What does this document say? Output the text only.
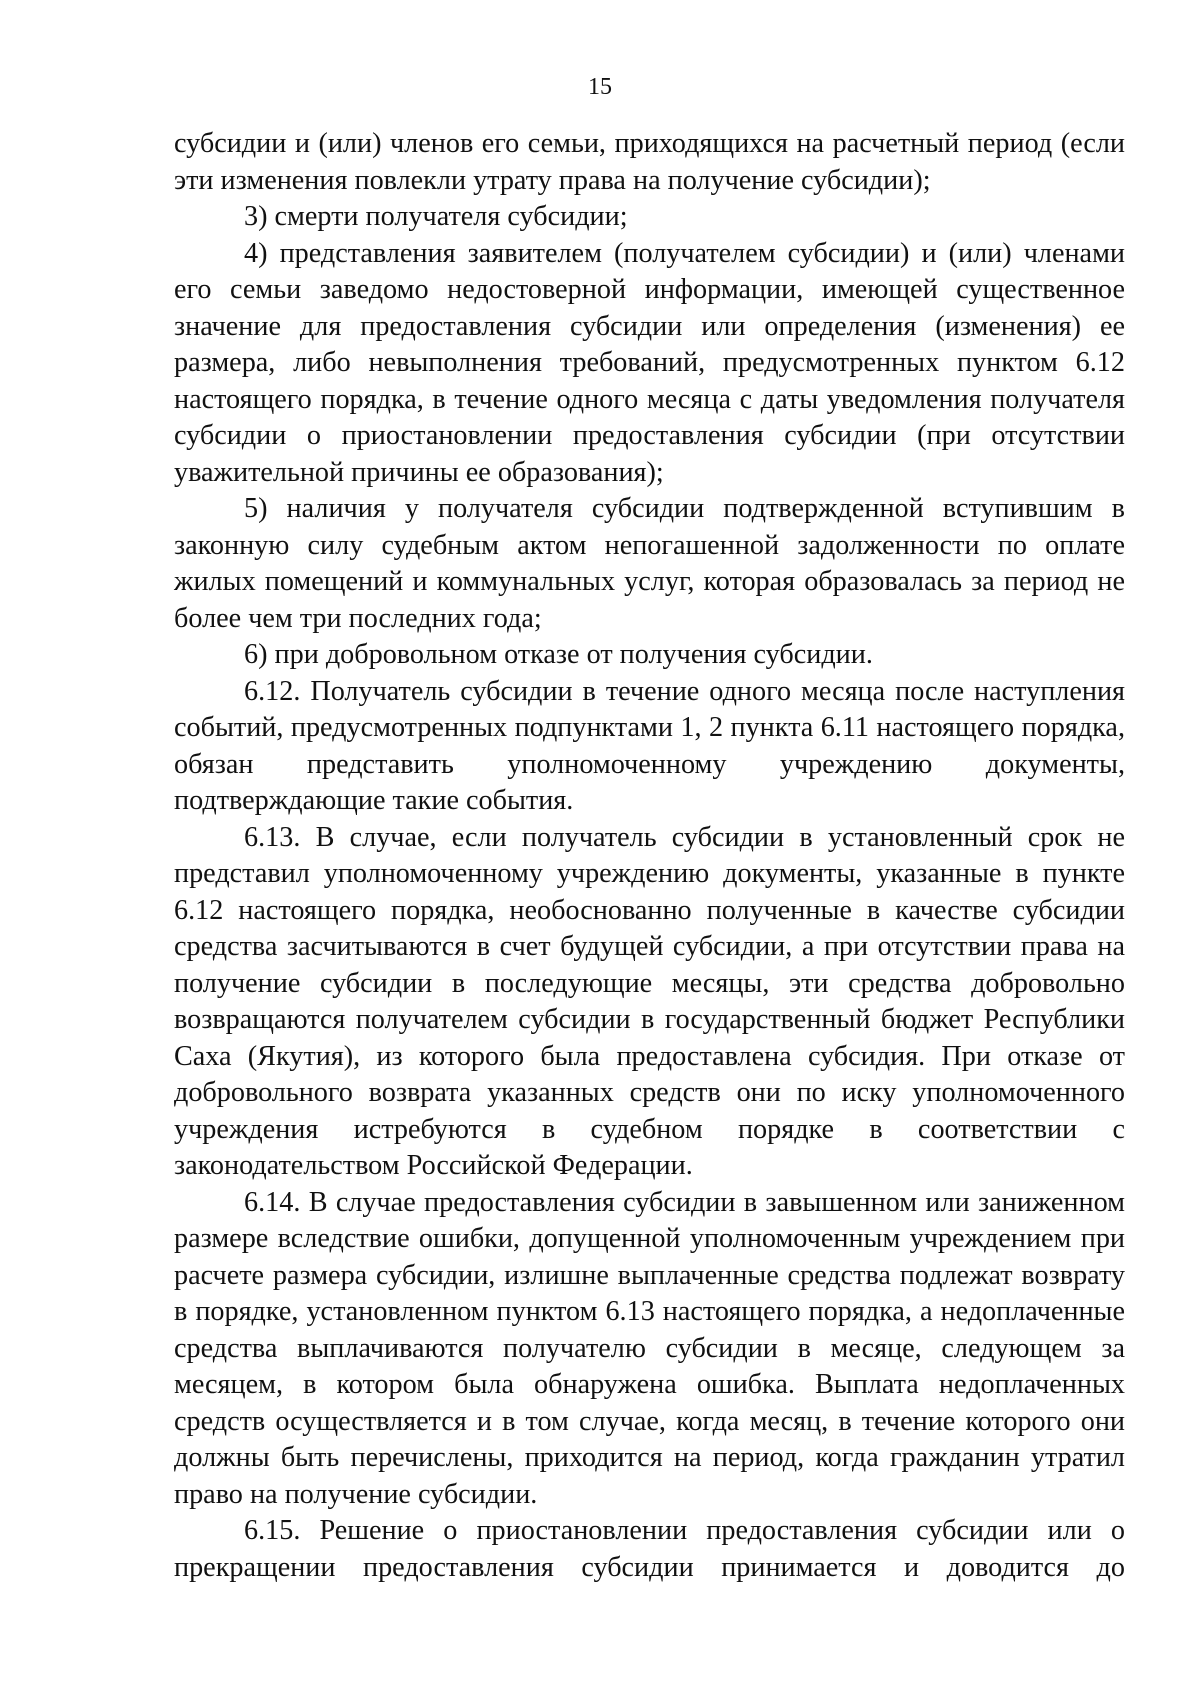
15

субсидии и (или) членов его семьи, приходящихся на расчетный период (если эти изменения повлекли утрату права на получение субсидии);

3) смерти получателя субсидии;

4) представления заявителем (получателем субсидии) и (или) членами его семьи заведомо недостоверной информации, имеющей существенное значение для предоставления субсидии или определения (изменения) ее размера, либо невыполнения требований, предусмотренных пунктом 6.12 настоящего порядка, в течение одного месяца с даты уведомления получателя субсидии о приостановлении предоставления субсидии (при отсутствии уважительной причины ее образования);

5) наличия у получателя субсидии подтвержденной вступившим в законную силу судебным актом непогашенной задолженности по оплате жилых помещений и коммунальных услуг, которая образовалась за период не более чем три последних года;

6) при добровольном отказе от получения субсидии.

6.12. Получатель субсидии в течение одного месяца после наступления событий, предусмотренных подпунктами 1, 2 пункта 6.11 настоящего порядка, обязан представить уполномоченному учреждению документы, подтверждающие такие события.

6.13. В случае, если получатель субсидии в установленный срок не представил уполномоченному учреждению документы, указанные в пункте 6.12 настоящего порядка, необоснованно полученные в качестве субсидии средства засчитываются в счет будущей субсидии, а при отсутствии права на получение субсидии в последующие месяцы, эти средства добровольно возвращаются получателем субсидии в государственный бюджет Республики Саха (Якутия), из которого была предоставлена субсидия. При отказе от добровольного возврата указанных средств они по иску уполномоченного учреждения истребуются в судебном порядке в соответствии с законодательством Российской Федерации.

6.14. В случае предоставления субсидии в завышенном или заниженном размере вследствие ошибки, допущенной уполномоченным учреждением при расчете размера субсидии, излишне выплаченные средства подлежат возврату в порядке, установленном пунктом 6.13 настоящего порядка, а недоплаченные средства выплачиваются получателю субсидии в месяце, следующем за месяцем, в котором была обнаружена ошибка. Выплата недоплаченных средств осуществляется и в том случае, когда месяц, в течение которого они должны быть перечислены, приходится на период, когда гражданин утратил право на получение субсидии.

6.15. Решение о приостановлении предоставления субсидии или о прекращении предоставления субсидии принимается и доводится до
